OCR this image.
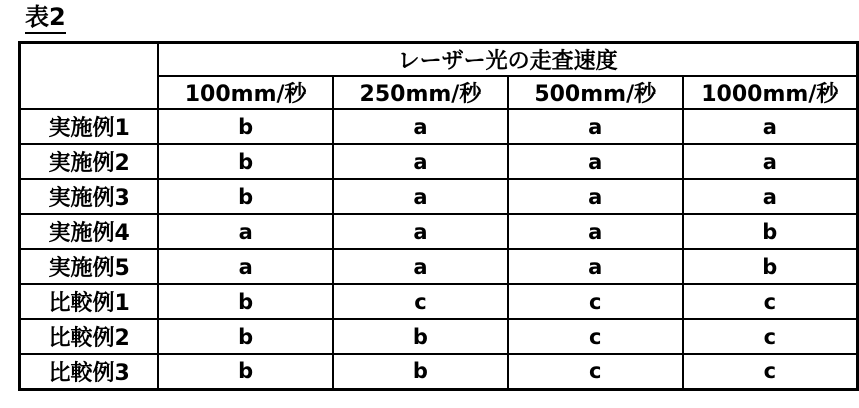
表2
	レーザー光の走査速度			
	100mm/秒	250mm/秒	500mm/秒	1000mm/秒
実施例1	b	a	a	a
実施例2	b	a	a	a
実施例3	b	a	a	a
実施例4	a	a	a	b
実施例5	a	a	a	b
比較例1	b	c	c	c
比較例2	b	b	c	c
比較例3	b	b	c	c
